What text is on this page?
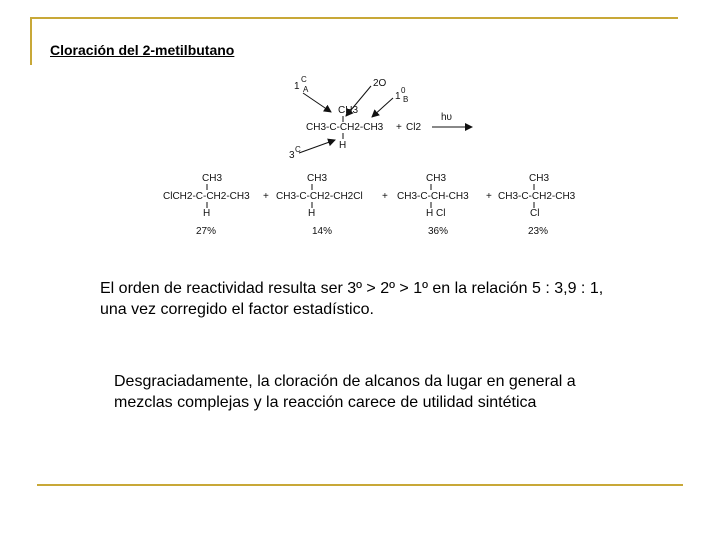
Cloración del 2-metilbutano
1
C
A
2O
1
0
B
3
C
CH3
CH3-C-CH2-CH3 + Cl2
H
hυ
CH3
ClCH2-C-CH2-CH3
H
27%
+
CH3
CH3-C-CH2-CH2Cl
H
14%
+
CH3
CH3-C-CH-CH3
H Cl
36%
+
CH3
CH3-C-CH2-CH3
Cl
23%
El orden de reactividad resulta ser 3º > 2º > 1º en la relación 5 : 3,9 : 1,
una vez corregido el factor estadístico.
Desgraciadamente, la cloración de alcanos da lugar en general a
mezclas complejas y la reacción carece de utilidad sintética
